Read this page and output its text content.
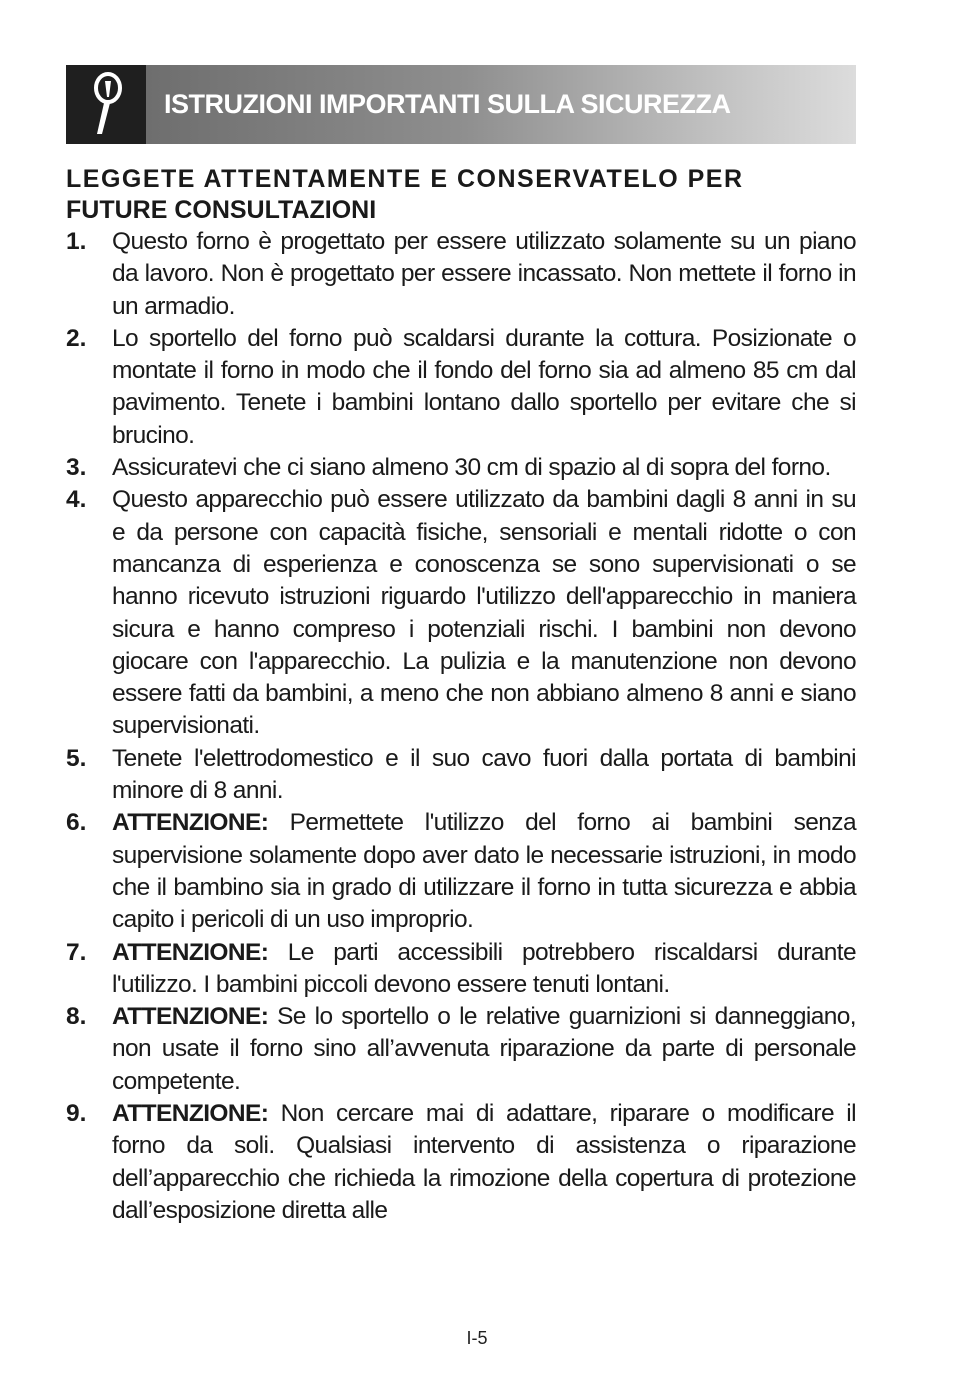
ISTRUZIONI IMPORTANTI SULLA SICUREZZA
LEGGETE ATTENTAMENTE E CONSERVATELO PER
FUTURE CONSULTAZIONI
1. Questo forno è progettato per essere utilizzato solamente su un piano da lavoro. Non è progettato per essere incassato. Non mettete il forno in un armadio.
2. Lo sportello del forno può scaldarsi durante la cottura. Posizionate o montate il forno in modo che il fondo del forno sia ad almeno 85 cm dal pavimento. Tenete i bambini lontano dallo sportello per evitare che si brucino.
3. Assicuratevi che ci siano almeno 30 cm di spazio al di sopra del forno.
4. Questo apparecchio può essere utilizzato da bambini dagli 8 anni in su e da persone con capacità fisiche, sensoriali e mentali ridotte o con mancanza di esperienza e conoscenza se sono supervisionati o se hanno ricevuto istruzioni riguardo l'utilizzo dell'apparecchio in maniera sicura e hanno compreso i potenziali rischi. I bambini non devono giocare con l'apparecchio. La pulizia e la manutenzione non devono essere fatti da bambini, a meno che non abbiano almeno 8 anni e siano supervisionati.
5. Tenete l'elettrodomestico e il suo cavo fuori dalla portata di bambini minore di 8 anni.
6. ATTENZIONE: Permettete l'utilizzo del forno ai bambini senza supervisione solamente dopo aver dato le necessarie istruzioni, in modo che il bambino sia in grado di utilizzare il forno in tutta sicurezza e abbia capito i pericoli di un uso improprio.
7. ATTENZIONE: Le parti accessibili potrebbero riscaldarsi durante l'utilizzo. I bambini piccoli devono essere tenuti lontani.
8. ATTENZIONE: Se lo sportello o le relative guarnizioni si danneggiano, non usate il forno sino all’avvenuta riparazione da parte di personale competente.
9. ATTENZIONE: Non cercare mai di adattare, riparare o modificare il forno da soli. Qualsiasi intervento di assistenza o riparazione dell’apparecchio che richieda la rimozione della copertura di protezione dall’esposizione diretta alle
I-5
